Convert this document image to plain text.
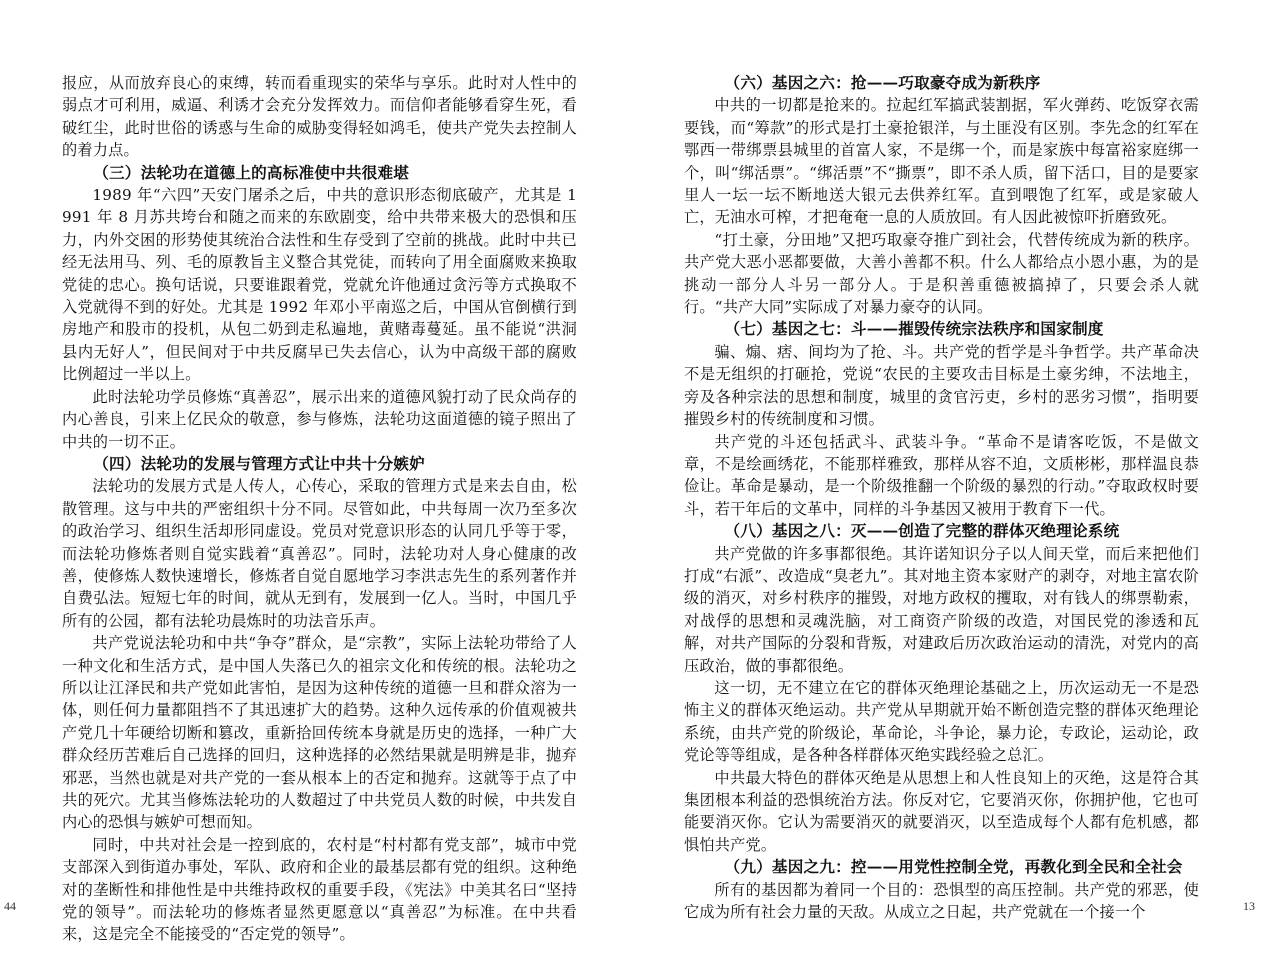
报应，从而放弃良心的束缚，转而看重现实的荣华与享乐。此时对人性中的弱点才可利用，威逼、利诱才会充分发挥效力。而信仰者能够看穿生死，看破红尘，此时世俗的诱惑与生命的威胁变得轻如鸿毛，使共产党失去控制人的着力点。

（三）法轮功在道德上的高标准使中共很难堪

1989 年“六四”天安门屠杀之后，中共的意识形态彻底破产，尤其是 1991 年 8 月苏共垮台和随之而来的东欧剧变，给中共带来极大的恐惧和压力，内外交困的形势使其统治合法性和生存受到了空前的挑战。此时中共已经无法用马、列、毛的原教旨主义整合其党徒，而转向了用全面腐败来换取党徒的忠心。换句话说，只要谁跟着党，党就允许他通过贪污等方式换取不入党就得不到的好处。尤其是 1992 年邓小平南巡之后，中国从官倒横行到房地产和股市的投机，从包二奶到走私遍地，黄赌毒蔓延。虽不能说“洪洞县内无好人”，但民间对于中共反腐早已失去信心，认为中高级干部的腐败比例超过一半以上。

此时法轮功学员修炼“真善忍”，展示出来的道德风貌打动了民众尚存的内心善良，引来上亿民众的敬意，参与修炼，法轮功这面道德的镜子照出了中共的一切不正。

（四）法轮功的发展与管理方式让中共十分嫉妒

法轮功的发展方式是人传人，心传心，采取的管理方式是来去自由，松散管理。这与中共的严密组织十分不同。尽管如此，中共每周一次乃至多次的政治学习、组织生活却形同虚设。党员对党意识形态的认同几乎等于零，而法轮功修炼者则自觉实践着“真善忍”。同时，法轮功对人身心健康的改善，使修炼人数快速增长，修炼者自觉自愿地学习李洪志先生的系列著作并自费弘法。短短七年的时间，就从无到有，发展到一亿人。当时，中国几乎所有的公园，都有法轮功晨炼时的功法音乐声。

共产党说法轮功和中共“争夺”群众，是“宗教”，实际上法轮功带给了人一种文化和生活方式，是中国人失落已久的祖宗文化和传统的根。法轮功之所以让江泽民和共产党如此害怕，是因为这种传统的道德一旦和群众溶为一体，则任何力量都阻挡不了其迅速扩大的趋势。这种久远传承的价值观被共产党几十年硬给切断和篡改，重新拾回传统本身就是历史的选择，一种广大群众经历苦难后自己选择的回归，这种选择的必然结果就是明辨是非，抛弃邪恶，当然也就是对共产党的一套从根本上的否定和抛弃。这就等于点了中共的死穴。尤其当修炼法轮功的人数超过了中共党员人数的时候，中共发自内心的恐惧与嫉妒可想而知。

同时，中共对社会是一控到底的，农村是“村村都有党支部”，城市中党支部深入到街道办事处，军队、政府和企业的最基层都有党的组织。这种绝对的垄断性和排他性是中共维持政权的重要手段，《宪法》中美其名曰“坚持党的领导”。而法轮功的修炼者显然更愿意以“真善忍”为标准。在中共看来，这是完全不能接受的“否定党的领导”。

44
（六）基因之六：抢——巧取豪夺成为新秩序

中共的一切都是抢来的。拉起红军搞武装割据，军火弹药、吃饭穿衣需要钱，而“筹款”的形式是打土豪抢银洋，与土匪没有区别。李先念的红军在鄂西一带绑票县城里的首富人家，不是绑一个，而是家族中每富裕家庭绑一个，叫“绑活票”。“绑活票”不“撕票”，即不杀人质，留下活口，目的是要家里人一坛一坛不断地送大银元去供养红军。直到喂饱了红军，或是家破人亡，无油水可榨，才把奄奄一息的人质放回。有人因此被惊吓折磨致死。

“打土豪，分田地”又把巧取豪夺推广到社会，代替传统成为新的秩序。共产党大恶小恶都要做，大善小善都不积。什么人都给点小恩小惠，为的是挑动一部分人斗另一部分人。于是积善重德被搞掉了，只要会杀人就行。“共产大同”实际成了对暴力豪夺的认同。

（七）基因之七：斗——摧毁传统宗法秩序和国家制度

骗、煽、痞、间均为了抢、斗。共产党的哲学是斗争哲学。共产革命决不是无组织的打砸抢，党说“农民的主要攻击目标是土豪劣绅，不法地主，旁及各种宗法的思想和制度，城里的贪官污吏，乡村的恶劣习惯”，指明要摧毁乡村的传统制度和习惯。

共产党的斗还包括武斗、武装斗争。“革命不是请客吃饭，不是做文章，不是绘画绣花，不能那样雅致，那样从容不迫，文质彬彬，那样温良恭俭让。革命是暴动，是一个阶级推翻一个阶级的暴烈的行动。”夺取政权时要斗，若干年后的文革中，同样的斗争基因又被用于教育下一代。

（八）基因之八：灭——创造了完整的群体灭绝理论系统

共产党做的许多事都很绝。其许诺知识分子以人间天堂，而后来把他们打成“右派”、改造成“臭老九”。其对地主资本家财产的剥夺，对地主富农阶级的消灭，对乡村秩序的摧毁，对地方政权的攫取，对有钱人的绑票勒索，对战俘的思想和灵魂洗脑，对工商资产阶级的改造，对国民党的渗透和瓦解，对共产国际的分裂和背叛，对建政后历次政治运动的清洗，对党内的高压政治，做的事都很绝。

这一切，无不建立在它的群体灭绝理论基础之上，历次运动无一不是恐怖主义的群体灭绝运动。共产党从早期就开始不断创造完整的群体灭绝理论系统，由共产党的阶级论，革命论，斗争论，暴力论，专政论，运动论，政党论等等组成，是各种各样群体灭绝实践经验之总汇。

中共最大特色的群体灭绝是从思想上和人性良知上的灭绝，这是符合其集团根本利益的恐惧统治方法。你反对它，它要消灭你，你拥护他，它也可能要消灭你。它认为需要消灭的就要消灭，以至造成每个人都有危机感，都惧怕共产党。

（九）基因之九：控——用党性控制全党，再教化到全民和全社会

所有的基因都为着同一个目的：恐惧型的高压控制。共产党的邪恶，使它成为所有社会力量的天敌。从成立之日起，共产党就在一个接一个	13
